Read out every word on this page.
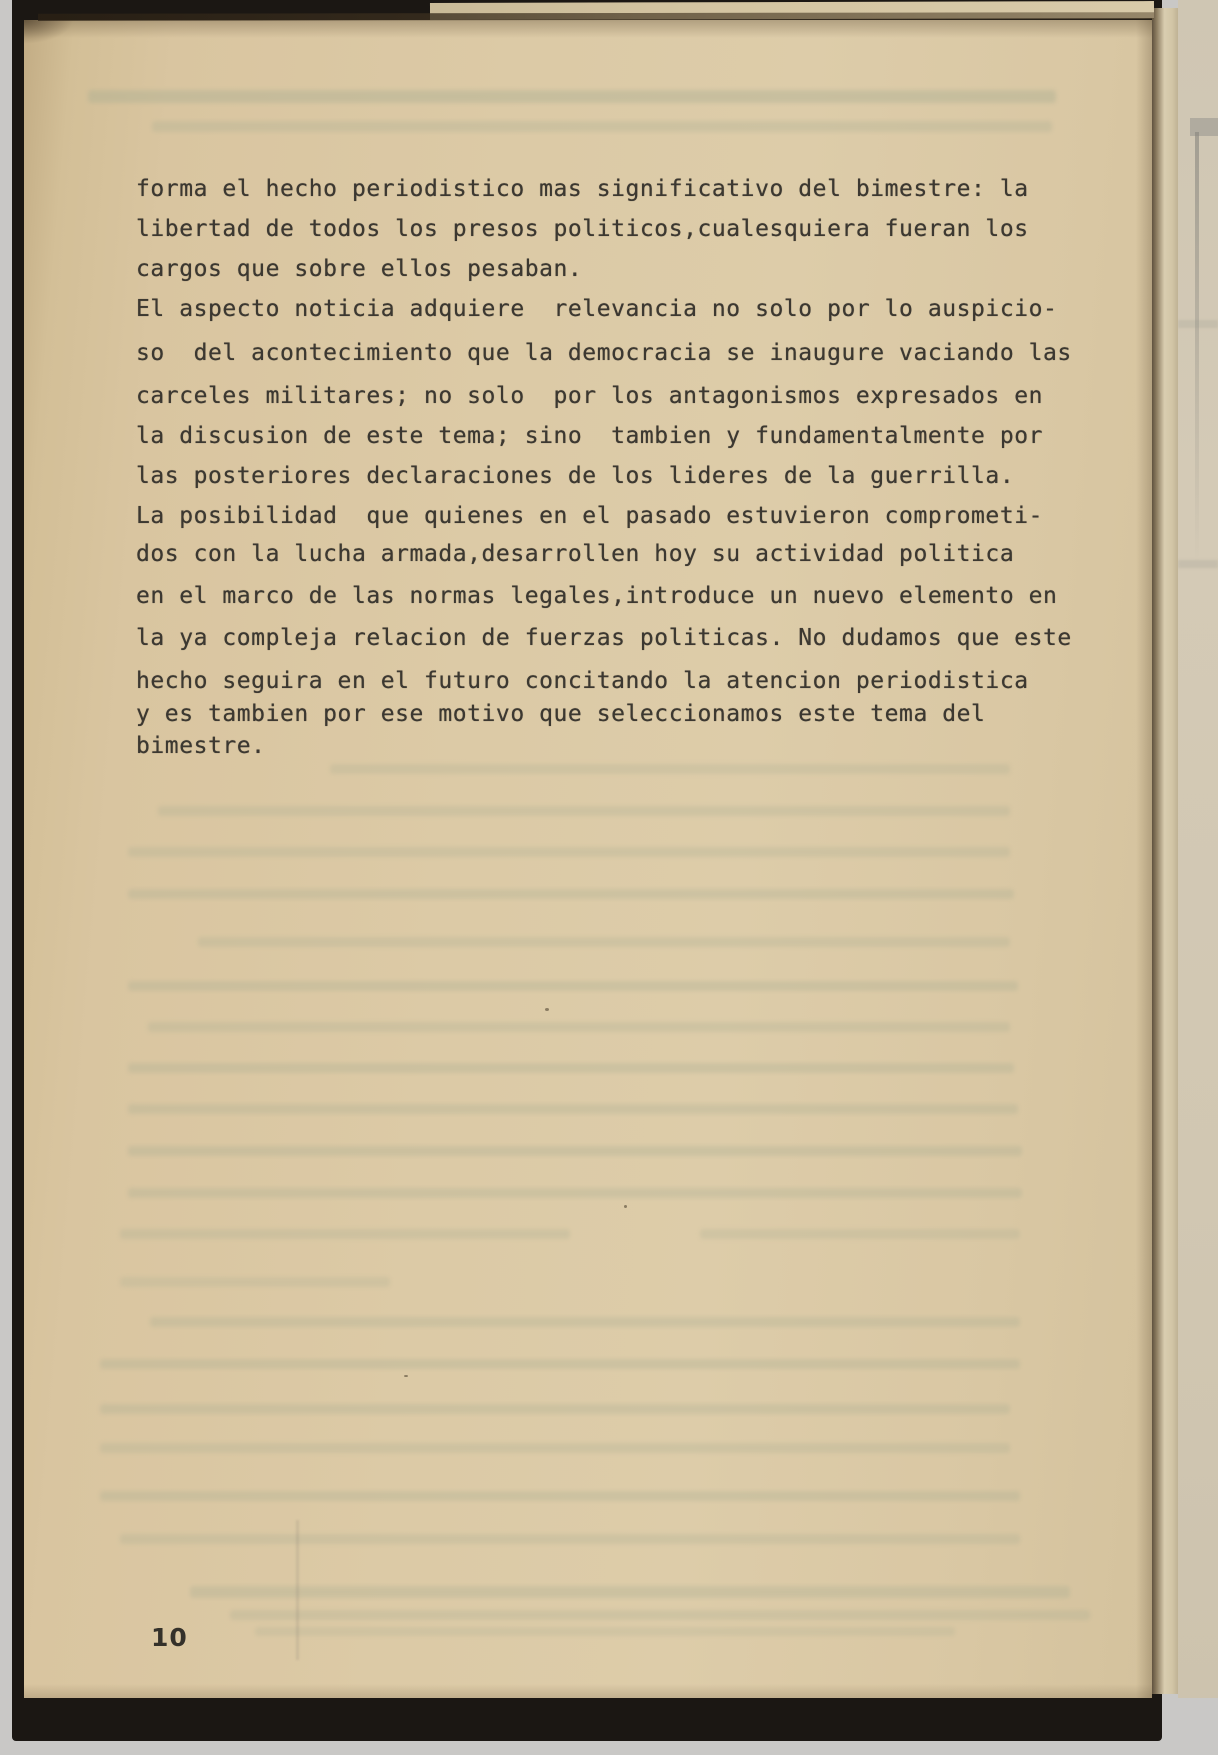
forma el hecho periodistico mas significativo del bimestre: la
libertad de todos los presos politicos,cualesquiera fueran los
cargos que sobre ellos pesaban.
El aspecto noticia adquiere  relevancia no solo por lo auspicio-
so  del acontecimiento que la democracia se inaugure vaciando las
carceles militares; no solo  por los antagonismos expresados en
la discusion de este tema; sino  tambien y fundamentalmente por
las posteriores declaraciones de los lideres de la guerrilla.
La posibilidad  que quienes en el pasado estuvieron comprometi-
dos con la lucha armada,desarrollen hoy su actividad politica
en el marco de las normas legales,introduce un nuevo elemento en
la ya compleja relacion de fuerzas politicas. No dudamos que este
hecho seguira en el futuro concitando la atencion periodistica
y es tambien por ese motivo que seleccionamos este tema del
bimestre.
10
